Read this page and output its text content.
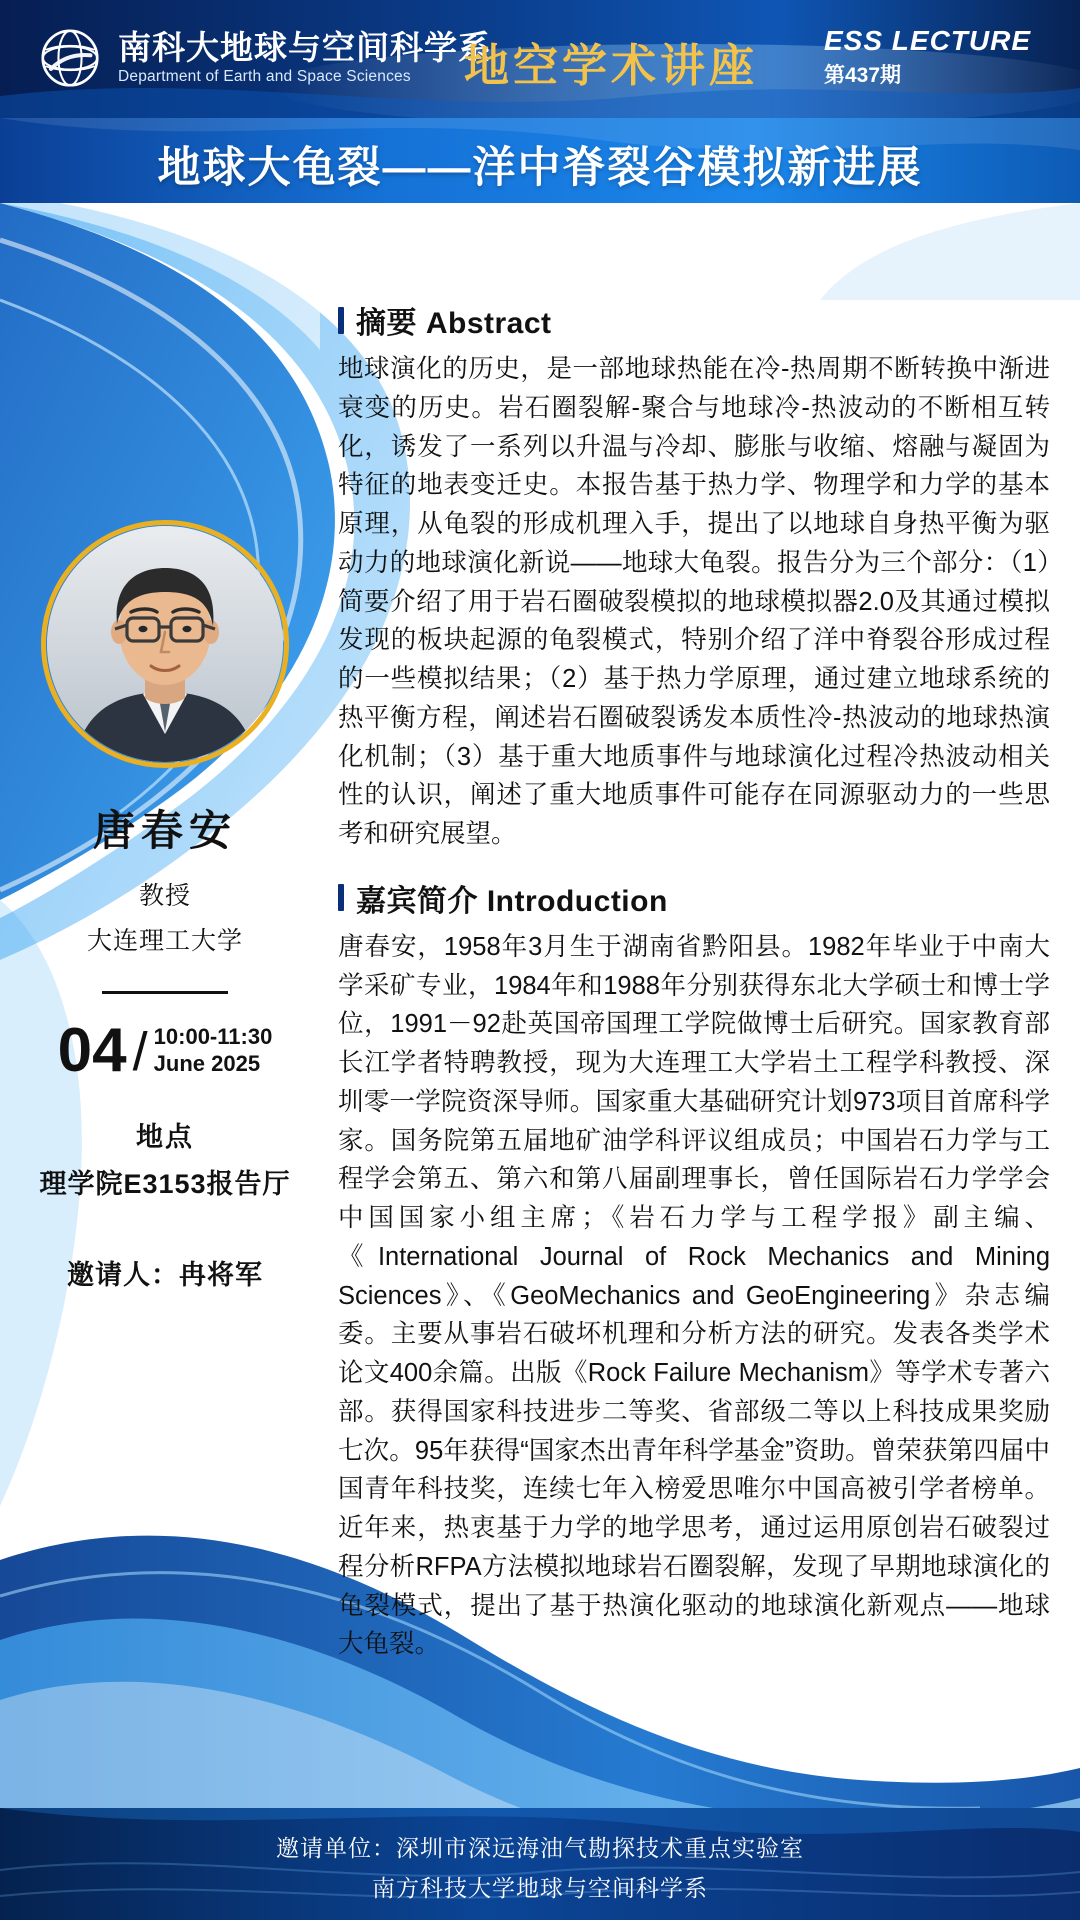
南科大地球与空间科学系
Department of Earth and Space Sciences	地空学术讲座 ESS LECTURE
第437期
地球大龟裂——洋中脊裂谷模拟新进展
唐春安
教授
大连理工大学
04 / 10:00-11:30
June 2025
地点
理学院E3153报告厅
邀请人：冉将军
摘要 Abstract
地球演化的历史，是一部地球热能在冷-热周期不断转换中渐进衰变的历史。岩石圈裂解-聚合与地球冷-热波动的不断相互转化，诱发了一系列以升温与冷却、膨胀与收缩、熔融与凝固为特征的地表变迁史。本报告基于热力学、物理学和力学的基本原理，从龟裂的形成机理入手，提出了以地球自身热平衡为驱动力的地球演化新说——地球大龟裂。报告分为三个部分：（1）简要介绍了用于岩石圈破裂模拟的地球模拟器2.0及其通过模拟发现的板块起源的龟裂模式，特别介绍了洋中脊裂谷形成过程的一些模拟结果；（2）基于热力学原理，通过建立地球系统的热平衡方程，阐述岩石圈破裂诱发本质性冷-热波动的地球热演化机制；（3）基于重大地质事件与地球演化过程冷热波动相关性的认识，阐述了重大地质事件可能存在同源驱动力的一些思考和研究展望。
嘉宾简介 Introduction
唐春安，1958年3月生于湖南省黔阳县。1982年毕业于中南大学采矿专业，1984年和1988年分别获得东北大学硕士和博士学位，1991－92赴英国帝国理工学院做博士后研究。国家教育部长江学者特聘教授，现为大连理工大学岩土工程学科教授、深圳零一学院资深导师。国家重大基础研究计划973项目首席科学家。国务院第五届地矿油学科评议组成员；中国岩石力学与工程学会第五、第六和第八届副理事长，曾任国际岩石力学学会中国国家小组主席；《岩石力学与工程学报》副主编、《International Journal of Rock Mechanics and Mining Sciences》、《GeoMechanics and GeoEngineering》杂志编委。主要从事岩石破坏机理和分析方法的研究。发表各类学术论文400余篇。出版《Rock Failure Mechanism》等学术专著六部。获得国家科技进步二等奖、省部级二等以上科技成果奖励七次。95年获得“国家杰出青年科学基金”资助。曾荣获第四届中国青年科技奖，连续七年入榜爱思唯尔中国高被引学者榜单。近年来，热衷基于力学的地学思考，通过运用原创岩石破裂过程分析RFPA方法模拟地球岩石圈裂解，发现了早期地球演化的龟裂模式，提出了基于热演化驱动的地球演化新观点——地球大龟裂。
邀请单位：深圳市深远海油气勘探技术重点实验室
南方科技大学地球与空间科学系
